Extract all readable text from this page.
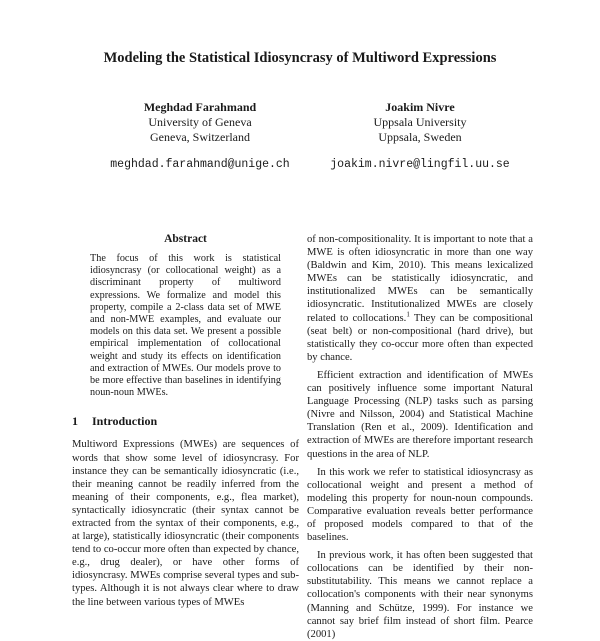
Modeling the Statistical Idiosyncrasy of Multiword Expressions
Meghdad Farahmand
University of Geneva
Geneva, Switzerland
meghdad.farahmand@unige.ch
Joakim Nivre
Uppsala University
Uppsala, Sweden
joakim.nivre@lingfil.uu.se
Abstract

The focus of this work is statistical idiosyncrasy (or collocational weight) as a discriminant property of multiword expressions. We formalize and model this property, compile a 2-class data set of MWE and non-MWE examples, and evaluate our models on this data set. We present a possible empirical implementation of collocational weight and study its effects on identification and extraction of MWEs. Our models prove to be more effective than baselines in identifying noun-noun MWEs.

1 Introduction

Multiword Expressions (MWEs) are sequences of words that show some level of idiosyncrasy. For instance they can be semantically idiosyncratic (i.e., their meaning cannot be readily inferred from the meaning of their components, e.g., flea market), syntactically idiosyncratic (their syntax cannot be extracted from the syntax of their components, e.g., at large), statistically idiosyncratic (their components tend to co-occur more often than expected by chance, e.g., drug dealer), or have other forms of idiosyncrasy. MWEs comprise several types and sub-types. Although it is not always clear where to draw the line between various types of MWEs

of non-compositionality. It is important to note that a MWE is often idiosyncratic in more than one way (Baldwin and Kim, 2010). This means lexicalized MWEs can be statistically idiosyncratic, and institutionalized MWEs can be semantically idiosyncratic. Institutionalized MWEs are closely related to collocations.$^1$ They can be compositional (seat belt) or non-compositional (hard drive), but statistically they co-occur more often than expected by chance.

Efficient extraction and identification of MWEs can positively influence some important Natural Language Processing (NLP) tasks such as parsing (Nivre and Nilsson, 2004) and Statistical Machine Translation (Ren et al., 2009). Identification and extraction of MWEs are therefore important research questions in the area of NLP.

In this work we refer to statistical idiosyncrasy as collocational weight and present a method of modeling this property for noun-noun compounds. Comparative evaluation reveals better performance of proposed models compared to that of the baselines.

In previous work, it has often been suggested that collocations can be identified by their non-substitutability. This means we cannot replace a collocation's components with their near synonyms (Manning and Schütze, 1999). For instance we cannot say brief film instead of short film. Pearce (2001)
